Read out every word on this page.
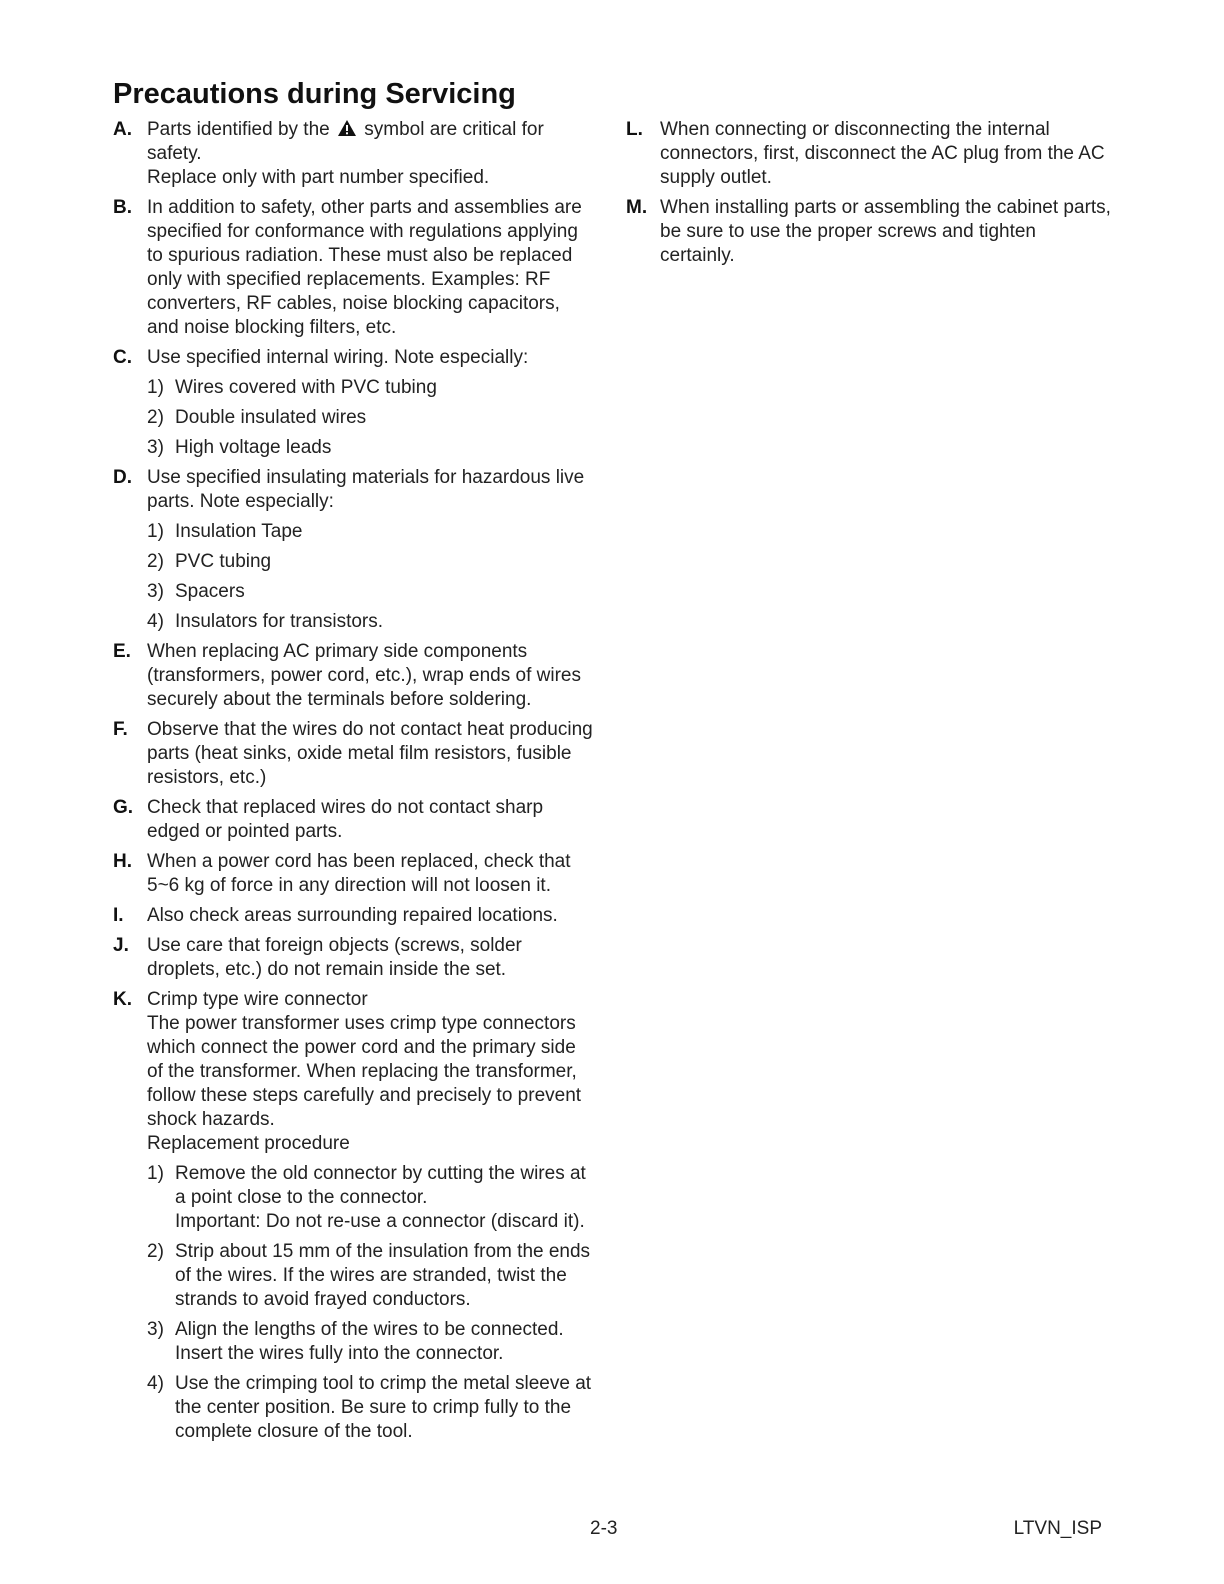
Precautions during Servicing
A. Parts identified by the symbol are critical for
safety.
Replace only with part number specified.

B. In addition to safety, other parts and assemblies are specified for conformance with regulations applying to spurious radiation. These must also be replaced only with specified replacements. Examples: RF converters, RF cables, noise blocking capacitors, and noise blocking filters, etc.

C. Use specified internal wiring. Note especially:

1) Wires covered with PVC tubing

2) Double insulated wires

3) High voltage leads

D. Use specified insulating materials for hazardous live parts. Note especially:

1) Insulation Tape

2) PVC tubing

3) Spacers

4) Insulators for transistors.

E. When replacing AC primary side components (transformers, power cord, etc.), wrap ends of wires securely about the terminals before soldering.

F. Observe that the wires do not contact heat producing parts (heat sinks, oxide metal film resistors, fusible resistors, etc.)

G. Check that replaced wires do not contact sharp edged or pointed parts.

H. When a power cord has been replaced, check that 5~6 kg of force in any direction will not loosen it.

I. Also check areas surrounding repaired locations.

J. Use care that foreign objects (screws, solder droplets, etc.) do not remain inside the set.

K. Crimp type wire connector

The power transformer uses crimp type connectors which connect the power cord and the primary side of the transformer. When replacing the transformer, follow these steps carefully and precisely to prevent shock hazards.

Replacement procedure

1) Remove the old connector by cutting the wires at a point close to the connector.

Important: Do not re-use a connector (discard it).

2) Strip about 15 mm of the insulation from the ends of the wires. If the wires are stranded, twist the strands to avoid frayed conductors.

3) Align the lengths of the wires to be connected. Insert the wires fully into the connector.

4) Use the crimping tool to crimp the metal sleeve at the center position. Be sure to crimp fully to the complete closure of the tool.

L. When connecting or disconnecting the internal connectors, first, disconnect the AC plug from the AC supply outlet.

M. When installing parts or assembling the cabinet parts, be sure to use the proper screws and tighten certainly.

2-3	LTVN_ISP
